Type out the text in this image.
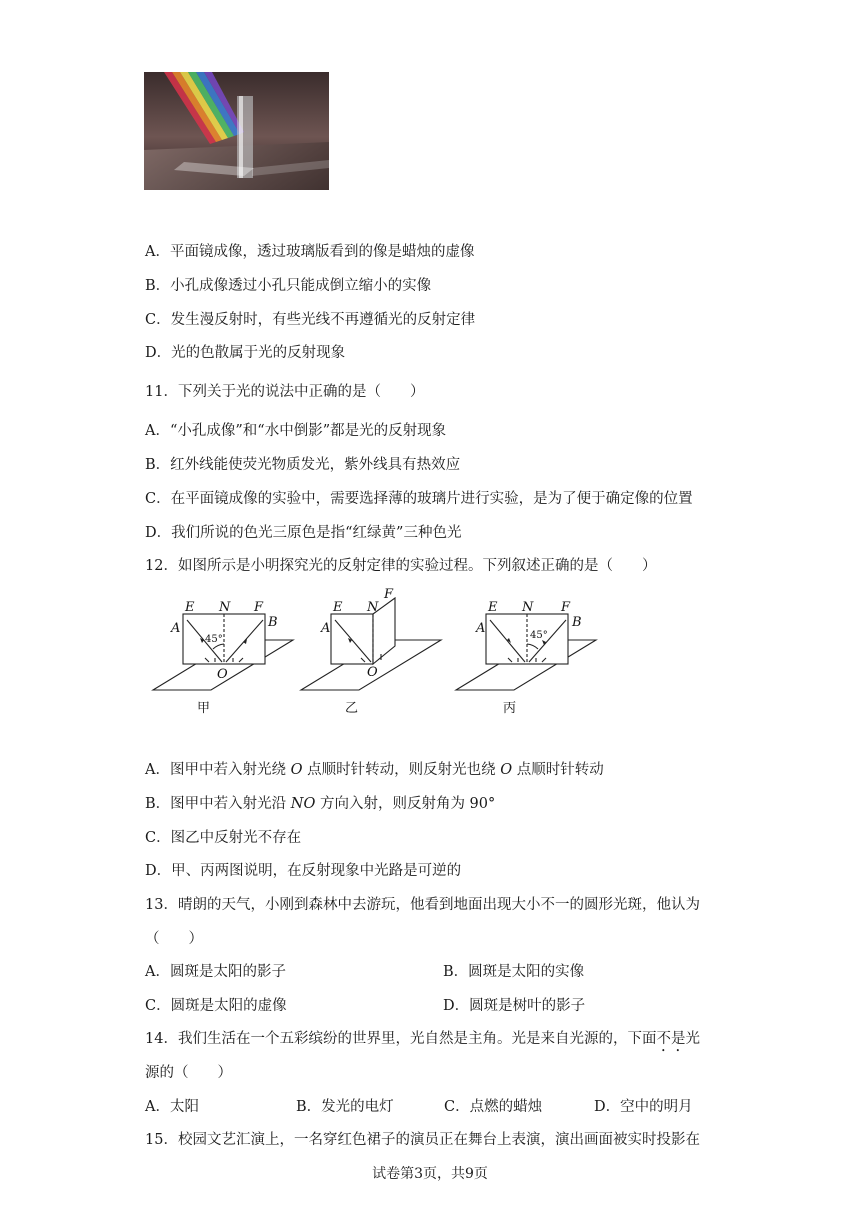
A．平面镜成像，透过玻璃版看到的像是蜡烛的虚像
B．小孔成像透过小孔只能成倒立缩小的实像
C．发生漫反射时，有些光线不再遵循光的反射定律
D．光的色散属于光的反射现象
11．下列关于光的说法中正确的是（　　）
A．“小孔成像”和“水中倒影”都是光的反射现象
B．红外线能使荧光物质发光，紫外线具有热效应
C．在平面镜成像的实验中，需要选择薄的玻璃片进行实验，是为了便于确定像的位置
D．我们所说的色光三原色是指“红绿黄”三种色光
12．如图所示是小明探究光的反射定律的实验过程。下列叙述正确的是（　　）
E N F
A	B
O
E N
F
A
O
E N F
A	B
45°	45°
甲	乙	丙
A．图甲中若入射光绕 O 点顺时针转动，则反射光也绕 O 点顺时针转动
B．图甲中若入射光沿 NO 方向入射，则反射角为 90°
C．图乙中反射光不存在
D．甲、丙两图说明，在反射现象中光路是可逆的
13．晴朗的天气，小刚到森林中去游玩，他看到地面出现大小不一的圆形光斑，他认为
（　　）
A．圆斑是太阳的影子	B．圆斑是太阳的实像
C．圆斑是太阳的虚像	D．圆斑是树叶的影子
14．我们生活在一个五彩缤纷的世界里，光自然是主角。光是来自光源的，下面不是光
源的（　　）
A．太阳	B．发光的电灯	C．点燃的蜡烛	D．空中的明月
15．校园文艺汇演上，一名穿红色裙子的演员正在舞台上表演，演出画面被实时投影在
试卷第3页，共9页
